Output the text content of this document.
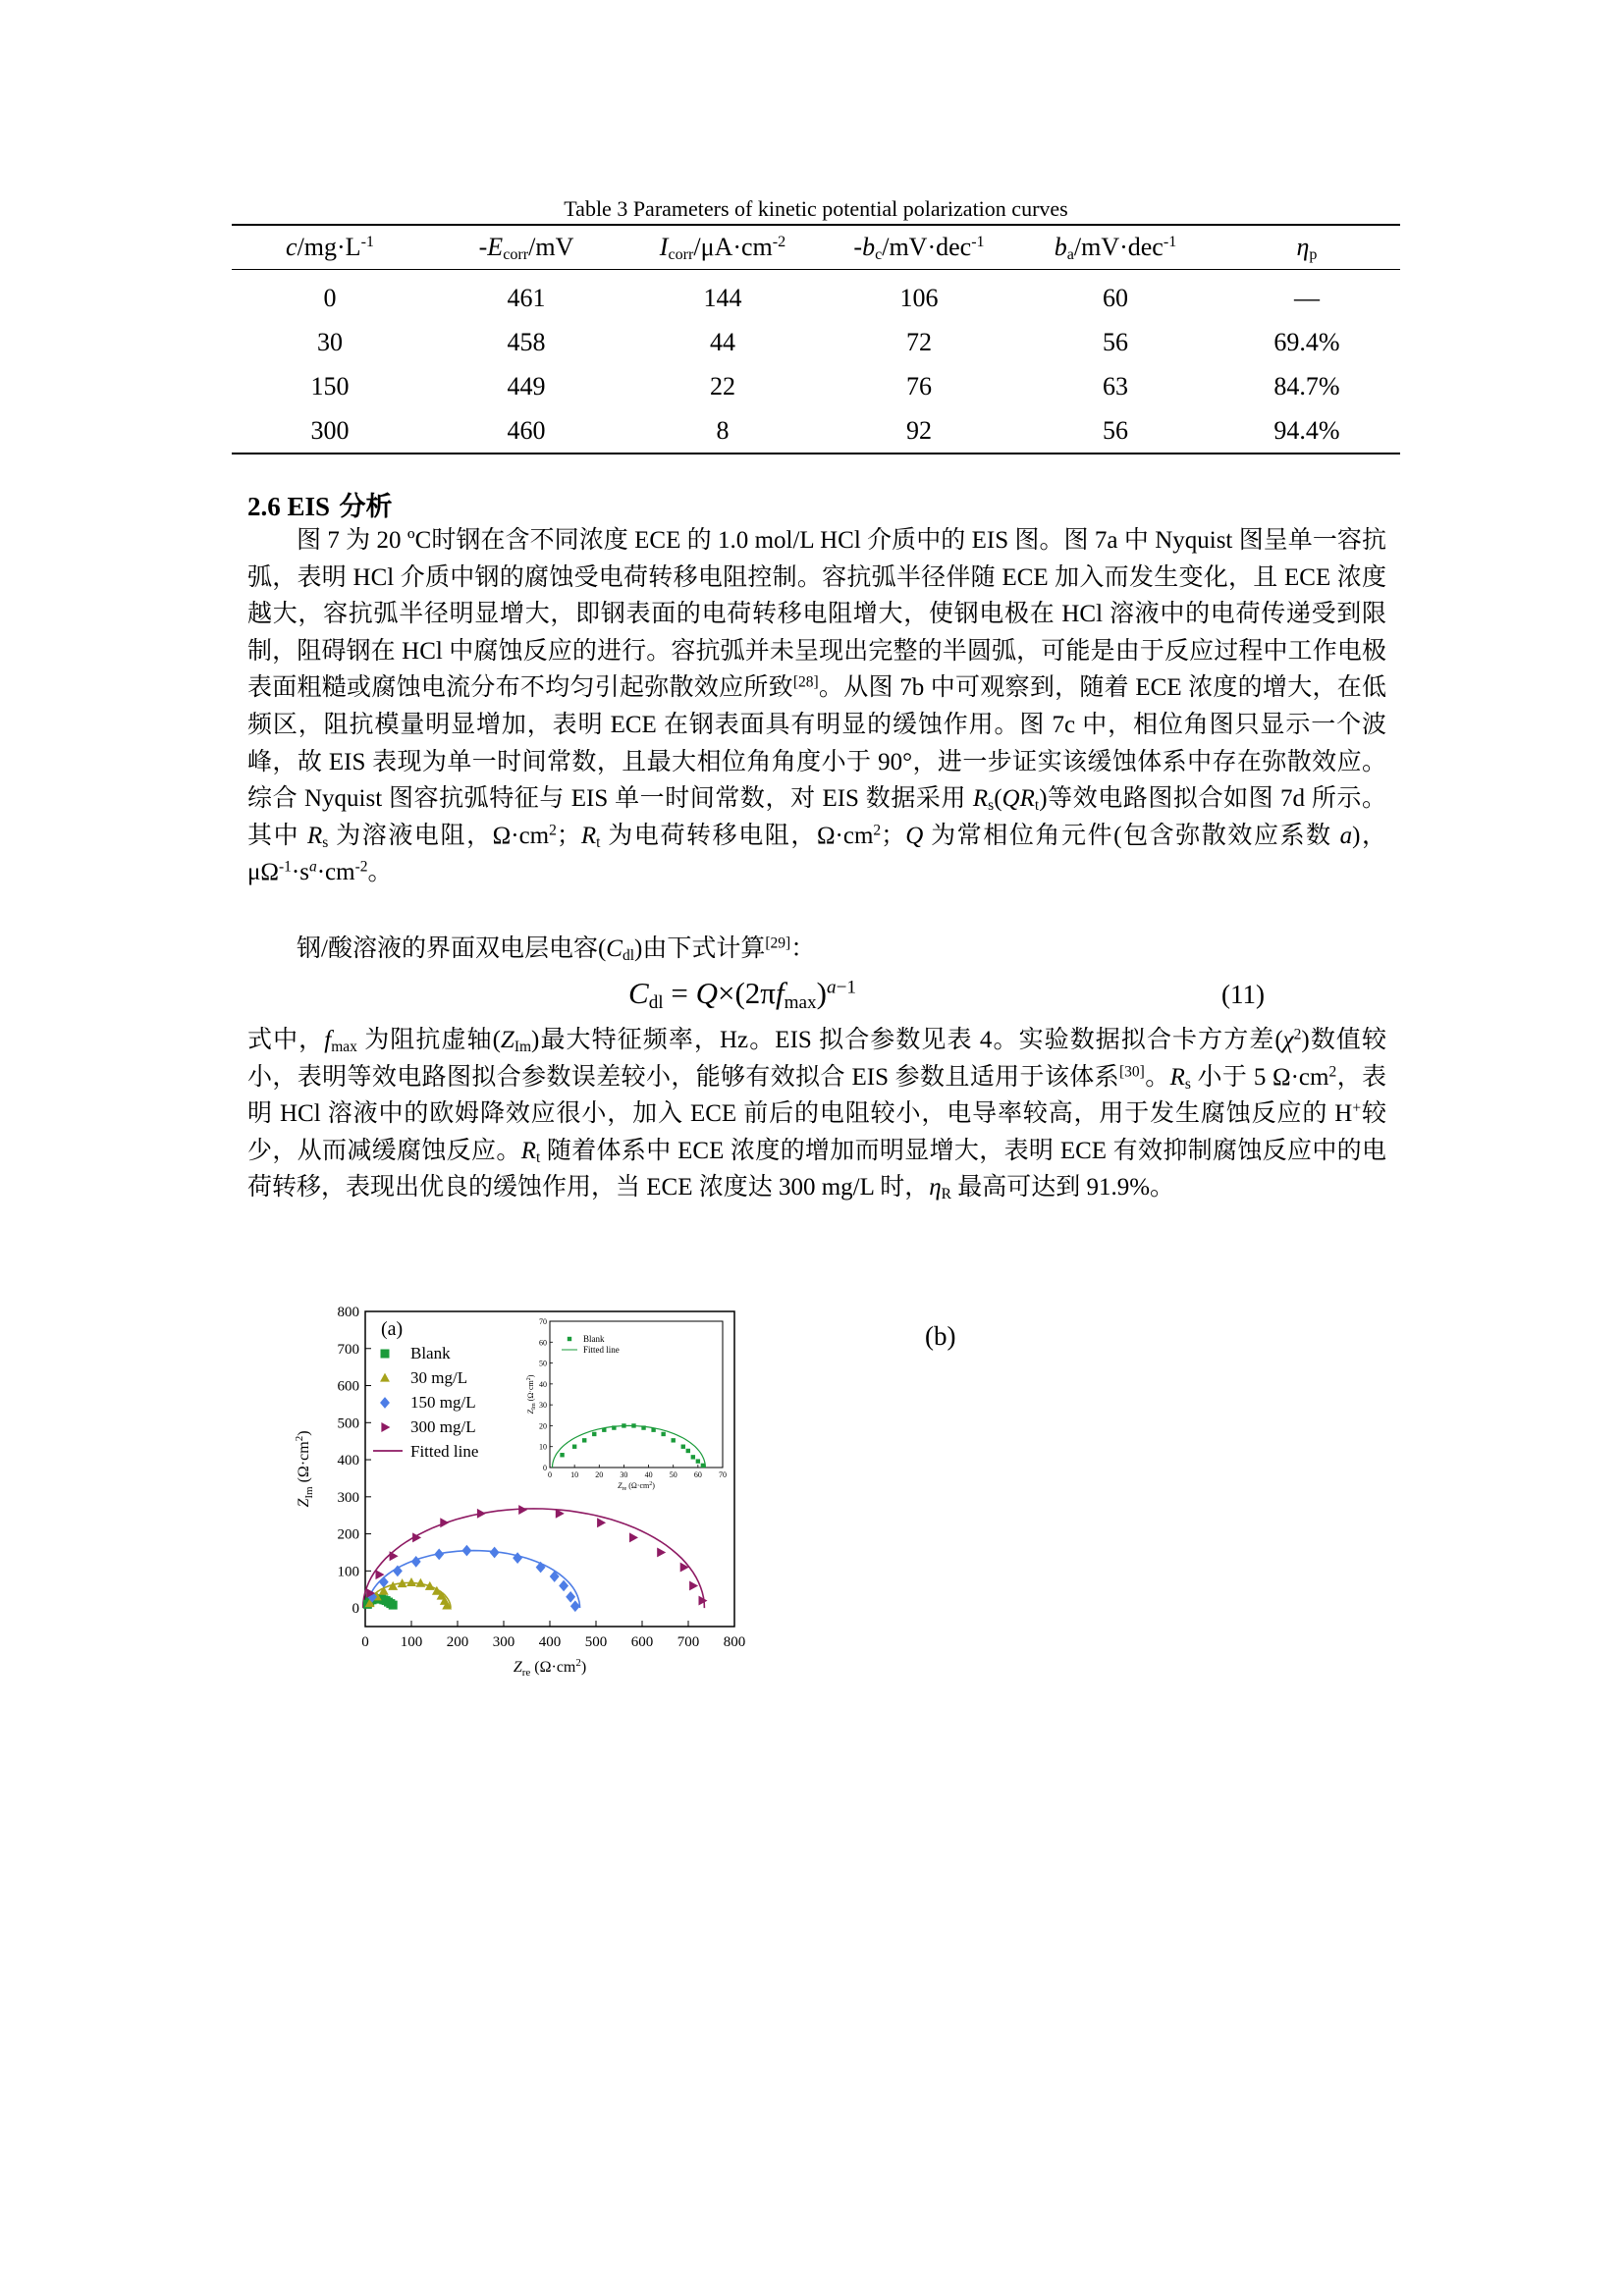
Table 3 Parameters of kinetic potential polarization curves
$c/mg\cdot L^{-1}$	$-E_{corr}/mV$	$I_{corr}/\mu A\cdot cm^{-2}$	$-b_c/mV\cdot dec^{-1}$	$b_a/mV\cdot dec^{-1}$	$\eta_p$
0	461	144	106	60	—
30	458	44	72	56	69.4%
150	449	22	76	63	84.7%
300	460	8	92	56	94.4%
2.6 EIS 分析
图 7 为 20 ºC时钢在含不同浓度 ECE 的 1.0 mol/L HCl 介质中的 EIS 图。图 7a 中 Nyquist 图呈单一容抗弧，表明 HCl 介质中钢的腐蚀受电荷转移电阻控制。容抗弧半径伴随 ECE 加入而发生变化，且 ECE 浓度越大，容抗弧半径明显增大，即钢表面的电荷转移电阻增大，使钢电极在 HCl 溶液中的电荷传递受到限制，阻碍钢在 HCl 中腐蚀反应的进行。容抗弧并未呈现出完整的半圆弧，可能是由于反应过程中工作电极表面粗糙或腐蚀电流分布不均匀引起弥散效应所致[28]。从图 7b 中可观察到，随着 ECE 浓度的增大，在低频区，阻抗模量明显增加，表明 ECE 在钢表面具有明显的缓蚀作用。图 7c 中，相位角图只显示一个波峰，故 EIS 表现为单一时间常数，且最大相位角角度小于 90°，进一步证实该缓蚀体系中存在弥散效应。综合 Nyquist 图容抗弧特征与 EIS 单一时间常数，对 EIS 数据采用 $R_s(QR_t)$等效电路图拟合如图 7d 所示。其中 $R_s$ 为溶液电阻，$\Omega\cdot cm^2$；$R_t$ 为电荷转移电阻，$\Omega\cdot cm^2$；Q 为常相位角元件(包含弥散效应系数 a)，$\mu\Omega^{-1}\cdot s^a\cdot cm^{-2}$。
钢/酸溶液的界面双电层电容$(C_{dl})$由下式计算[29]：
$C_{dl} = Q\times(2\pi f_{max})^{a-1}$	(11)
式中，$f_{max}$ 为阻抗虚轴$(Z_{Im})$最大特征频率，Hz。EIS 拟合参数见表 4。实验数据拟合卡方方差$(\chi^2)$数值较小，表明等效电路图拟合参数误差较小，能够有效拟合 EIS 参数且适用于该体系[30]。$R_s$ 小于 5 $\Omega\cdot cm^2$，表明 HCl 溶液中的欧姆降效应很小，加入 ECE 前后的电阻较小，电导率较高，用于发生腐蚀反应的 H+较少，从而减缓腐蚀反应。$R_t$ 随着体系中 ECE 浓度的增加而明显增大，表明 ECE 有效抑制腐蚀反应中的电荷转移，表现出优良的缓蚀作用，当 ECE 浓度达 300 mg/L 时，$\eta_R$ 最高可达到 91.9%。
0 100 200 300 400 500 600 700 800
0
100
200
300
400
500
600
700
800
$Z_{re}$ $(\Omega\cdot cm^2)$
$Z_{Im}$ $(\Omega\cdot cm^2)$
(a)
Blank
30 mg/L
150 mg/L
300 mg/L
Fitted line
0
0
10
10
20
20
30
30
40
40
50
50
60
60
70
70
$Z_{re}$ $(\Omega\cdot cm^2)$
$Z_{Im}$ $(\Omega\cdot cm^2)$
Blank
Fitted line	(b)
